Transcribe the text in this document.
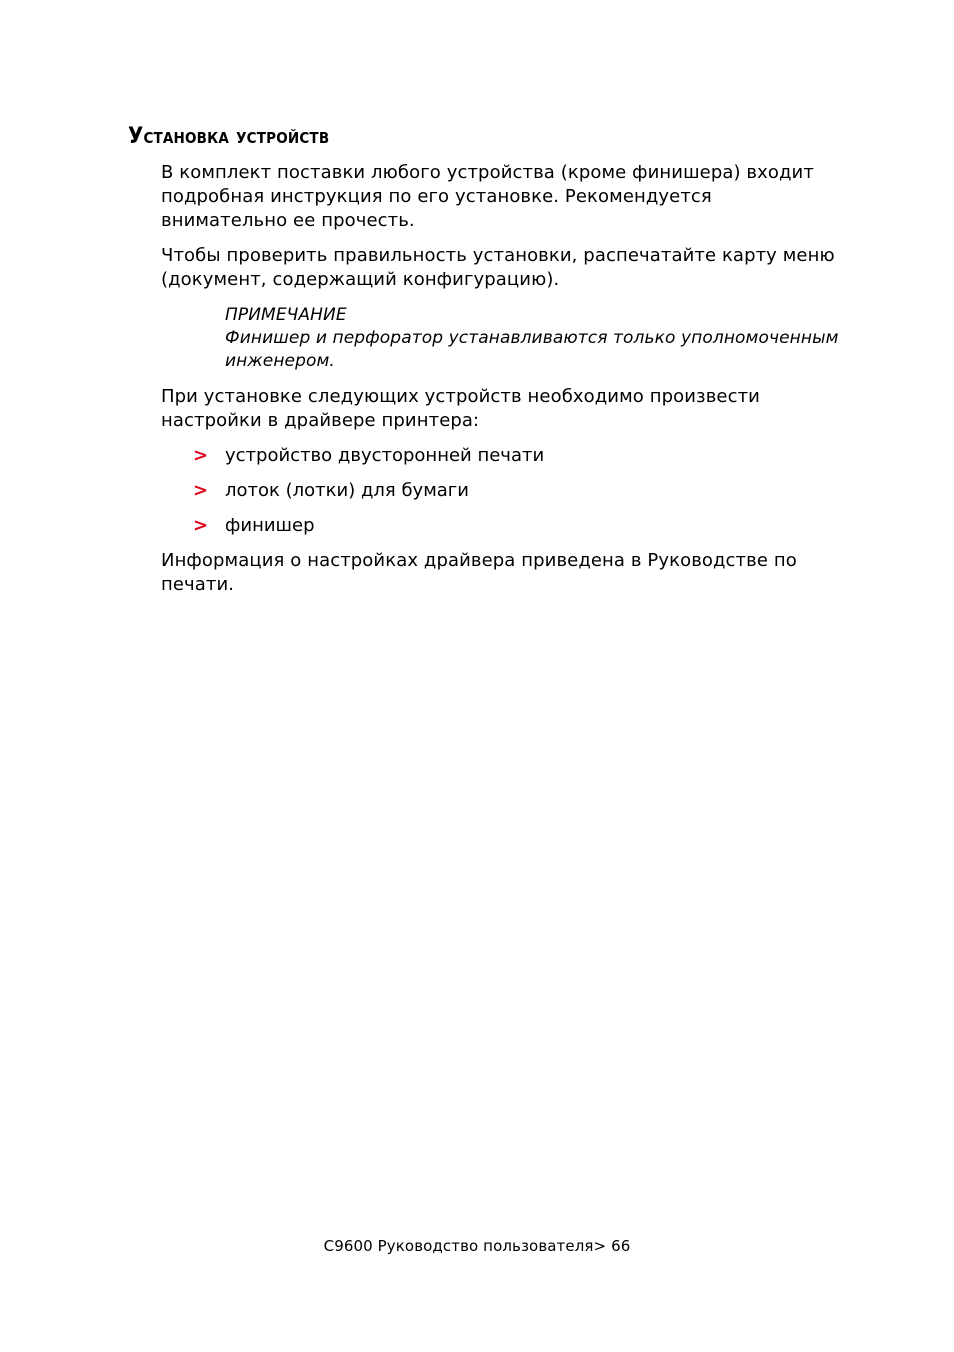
Установка устройств

В комплект поставки любого устройства (кроме финишера) входит подробная инструкция по его установке. Рекомендуется внимательно ее прочесть.

Чтобы проверить правильность установки, распечатайте карту меню (документ, содержащий конфигурацию).

ПРИМЕЧАНИЕ
Финишер и перфоратор устанавливаются только уполномоченным инженером.

При установке следующих устройств необходимо произвести настройки в драйвере принтера:

> устройство двусторонней печати
> лоток (лотки) для бумаги
> финишер

Информация о настройках драйвера приведена в Руководстве по печати.

C9600 Руководство пользователя> 66
